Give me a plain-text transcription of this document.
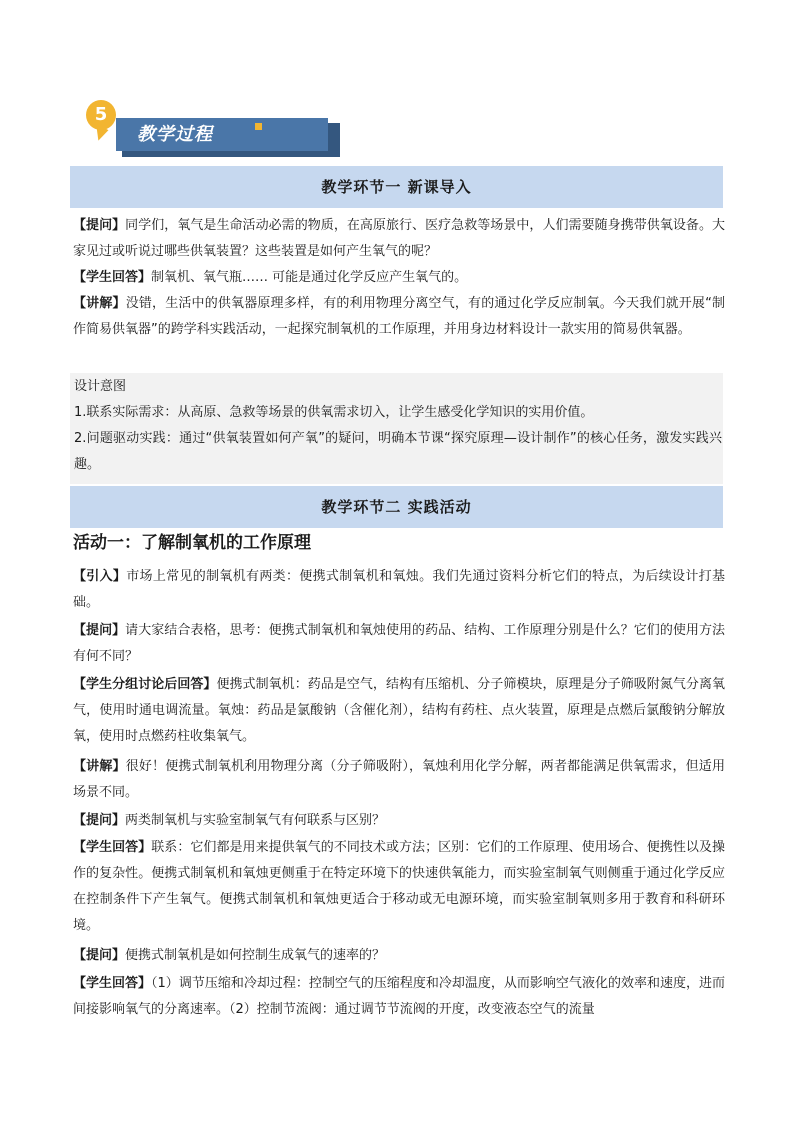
5
教学过程
教学环节一 新课导入
【提问】同学们，氧气是生命活动必需的物质，在高原旅行、医疗急救等场景中，人们需要随身携带供氧设备。大家见过或听说过哪些供氧装置？这些装置是如何产生氧气的呢？
【学生回答】制氧机、氧气瓶…… 可能是通过化学反应产生氧气的。
【讲解】没错，生活中的供氧器原理多样，有的利用物理分离空气，有的通过化学反应制氧。今天我们就开展“制作简易供氧器”的跨学科实践活动，一起探究制氧机的工作原理，并用身边材料设计一款实用的简易供氧器。
设计意图
1.联系实际需求：从高原、急救等场景的供氧需求切入，让学生感受化学知识的实用价值。
2.问题驱动实践：通过“供氧装置如何产氧”的疑问，明确本节课“探究原理—设计制作”的核心任务，激发实践兴趣。
教学环节二 实践活动
活动一：了解制氧机的工作原理
【引入】市场上常见的制氧机有两类：便携式制氧机和氧烛。我们先通过资料分析它们的特点，为后续设计打基础。
【提问】请大家结合表格，思考：便携式制氧机和氧烛使用的药品、结构、工作原理分别是什么？它们的使用方法有何不同？
【学生分组讨论后回答】便携式制氧机：药品是空气，结构有压缩机、分子筛模块，原理是分子筛吸附氮气分离氧气，使用时通电调流量。氧烛：药品是氯酸钠（含催化剂），结构有药柱、点火装置，原理是点燃后氯酸钠分解放氧，使用时点燃药柱收集氧气。
【讲解】很好！便携式制氧机利用物理分离（分子筛吸附），氧烛利用化学分解，两者都能满足供氧需求，但适用场景不同。
【提问】两类制氧机与实验室制氧气有何联系与区别？
【学生回答】联系：它们都是用来提供氧气的不同技术或方法；区别：它们的工作原理、使用场合、便携性以及操作的复杂性。便携式制氧机和氧烛更侧重于在特定环境下的快速供氧能力，而实验室制氧气则侧重于通过化学反应在控制条件下产生氧气。便携式制氧机和氧烛更适合于移动或无电源环境，而实验室制氧则多用于教育和科研环境。
【提问】便携式制氧机是如何控制生成氧气的速率的？
【学生回答】（1）调节压缩和冷却过程：控制空气的压缩程度和冷却温度，从而影响空气液化的效率和速度，进而间接影响氧气的分离速率。（2）控制节流阀：通过调节节流阀的开度，改变液态空气的流量
